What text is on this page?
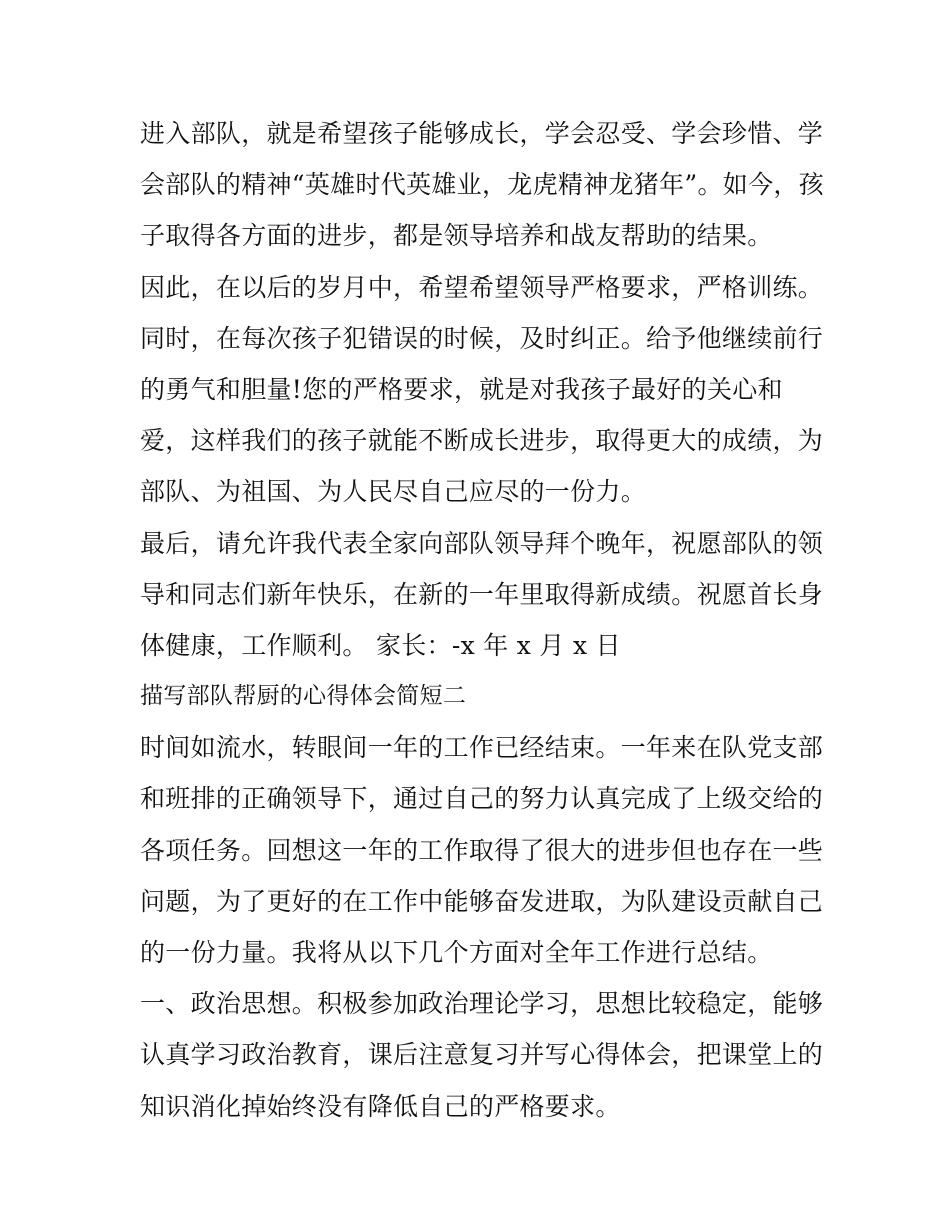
进入部队，就是希望孩子能够成长，学会忍受、学会珍惜、学
会部队的精神“英雄时代英雄业，龙虎精神龙猪年”。如今，孩
子取得各方面的进步，都是领导培养和战友帮助的结果。
因此，在以后的岁月中，希望希望领导严格要求，严格训练。
同时，在每次孩子犯错误的时候，及时纠正。给予他继续前行
的勇气和胆量!您的严格要求，就是对我孩子最好的关心和
爱，这样我们的孩子就能不断成长进步，取得更大的成绩，为
部队、为祖国、为人民尽自己应尽的一份力。
最后，请允许我代表全家向部队领导拜个晚年，祝愿部队的领
导和同志们新年快乐，在新的一年里取得新成绩。祝愿首长身
体健康，工作顺利。 家长：-x 年 x 月 x 日
描写部队帮厨的心得体会简短二
时间如流水，转眼间一年的工作已经结束。一年来在队党支部
和班排的正确领导下，通过自己的努力认真完成了上级交给的
各项任务。回想这一年的工作取得了很大的进步但也存在一些
问题，为了更好的在工作中能够奋发进取，为队建设贡献自己
的一份力量。我将从以下几个方面对全年工作进行总结。
一、政治思想。积极参加政治理论学习，思想比较稳定，能够
认真学习政治教育，课后注意复习并写心得体会，把课堂上的
知识消化掉始终没有降低自己的严格要求。
